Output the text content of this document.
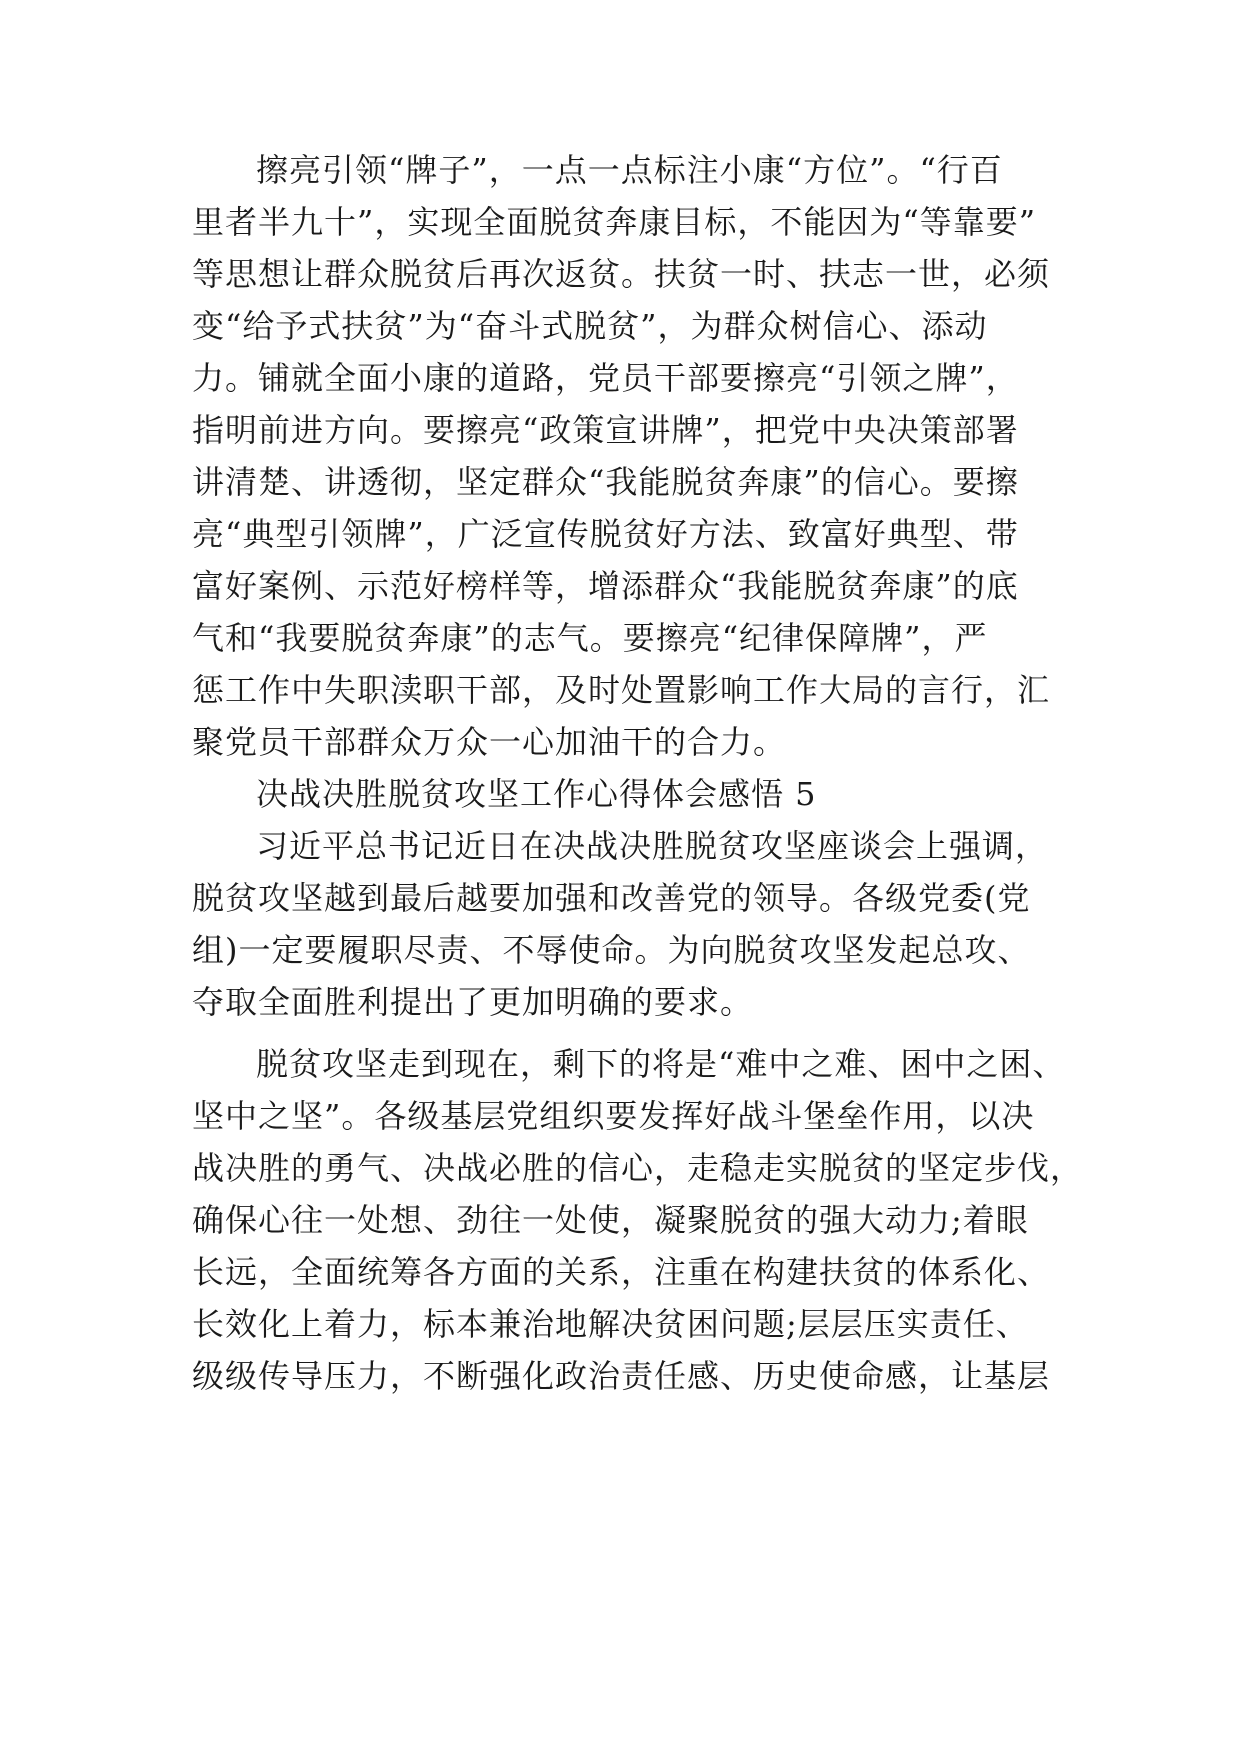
擦亮引领“牌子”，一点一点标注小康“方位”。“行百
里者半九十”，实现全面脱贫奔康目标，不能因为“等靠要”
等思想让群众脱贫后再次返贫。扶贫一时、扶志一世，必须
变“给予式扶贫”为“奋斗式脱贫”，为群众树信心、添动
力。铺就全面小康的道路，党员干部要擦亮“引领之牌”，
指明前进方向。要擦亮“政策宣讲牌”，把党中央决策部署
讲清楚、讲透彻，坚定群众“我能脱贫奔康”的信心。要擦
亮“典型引领牌”，广泛宣传脱贫好方法、致富好典型、带
富好案例、示范好榜样等，增添群众“我能脱贫奔康”的底
气和“我要脱贫奔康”的志气。要擦亮“纪律保障牌”，严
惩工作中失职渎职干部，及时处置影响工作大局的言行，汇
聚党员干部群众万众一心加油干的合力。
决战决胜脱贫攻坚工作心得体会感悟 5
习近平总书记近日在决战决胜脱贫攻坚座谈会上强调，
脱贫攻坚越到最后越要加强和改善党的领导。各级党委(党
组)一定要履职尽责、不辱使命。为向脱贫攻坚发起总攻、
夺取全面胜利提出了更加明确的要求。
脱贫攻坚走到现在，剩下的将是“难中之难、困中之困、
坚中之坚”。各级基层党组织要发挥好战斗堡垒作用，以决
战决胜的勇气、决战必胜的信心，走稳走实脱贫的坚定步伐，
确保心往一处想、劲往一处使，凝聚脱贫的强大动力;着眼
长远，全面统筹各方面的关系，注重在构建扶贫的体系化、
长效化上着力，标本兼治地解决贫困问题;层层压实责任、
级级传导压力，不断强化政治责任感、历史使命感，让基层
